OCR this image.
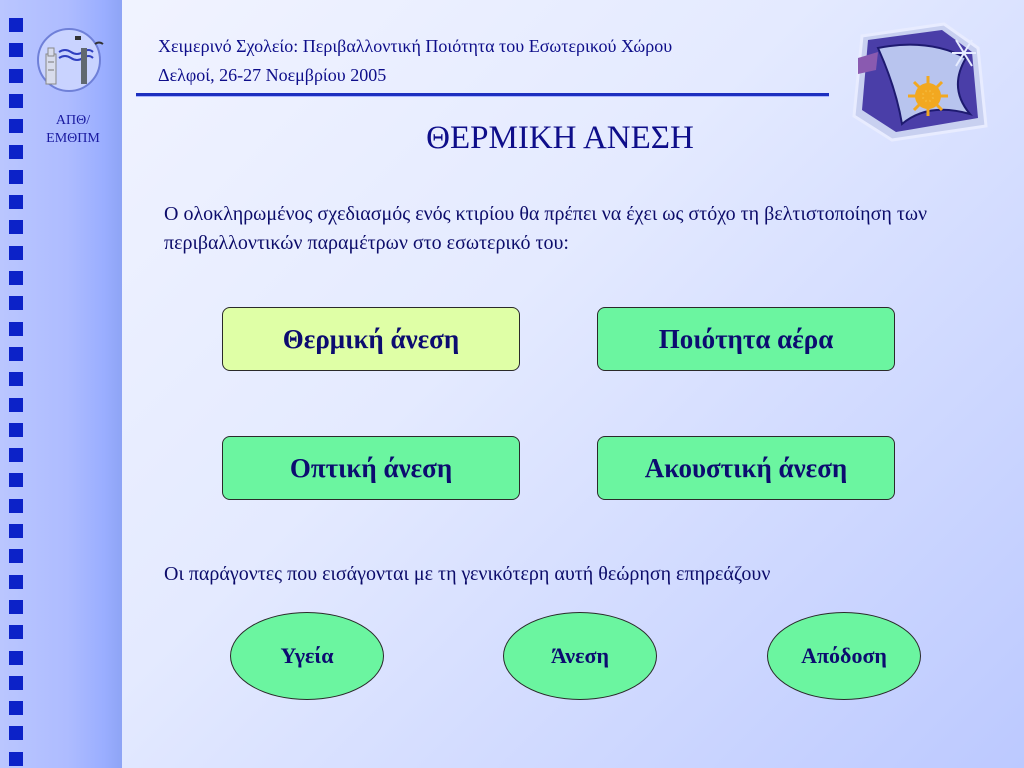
ΑΠΘ/
ΕΜΘΠΜ
Χειμερινό Σχολείο: Περιβαλλοντική Ποιότητα του Εσωτερικού Χώρου
Δελφοί, 26-27 Νοεμβρίου 2005
ΘΕΡΜΙΚΗ ΑΝΕΣΗ
Ο ολοκληρωμένος σχεδιασμός ενός κτιρίου θα πρέπει να έχει ως στόχο τη βελτιστοποίηση των περιβαλλοντικών παραμέτρων στο εσωτερικό του:
Θερμική άνεση	Ποιότητα αέρα
Οπτική άνεση	Ακουστική άνεση
Οι παράγοντες που εισάγονται με τη γενικότερη αυτή θεώρηση επηρεάζουν
Υγεία	Άνεση	Απόδοση
